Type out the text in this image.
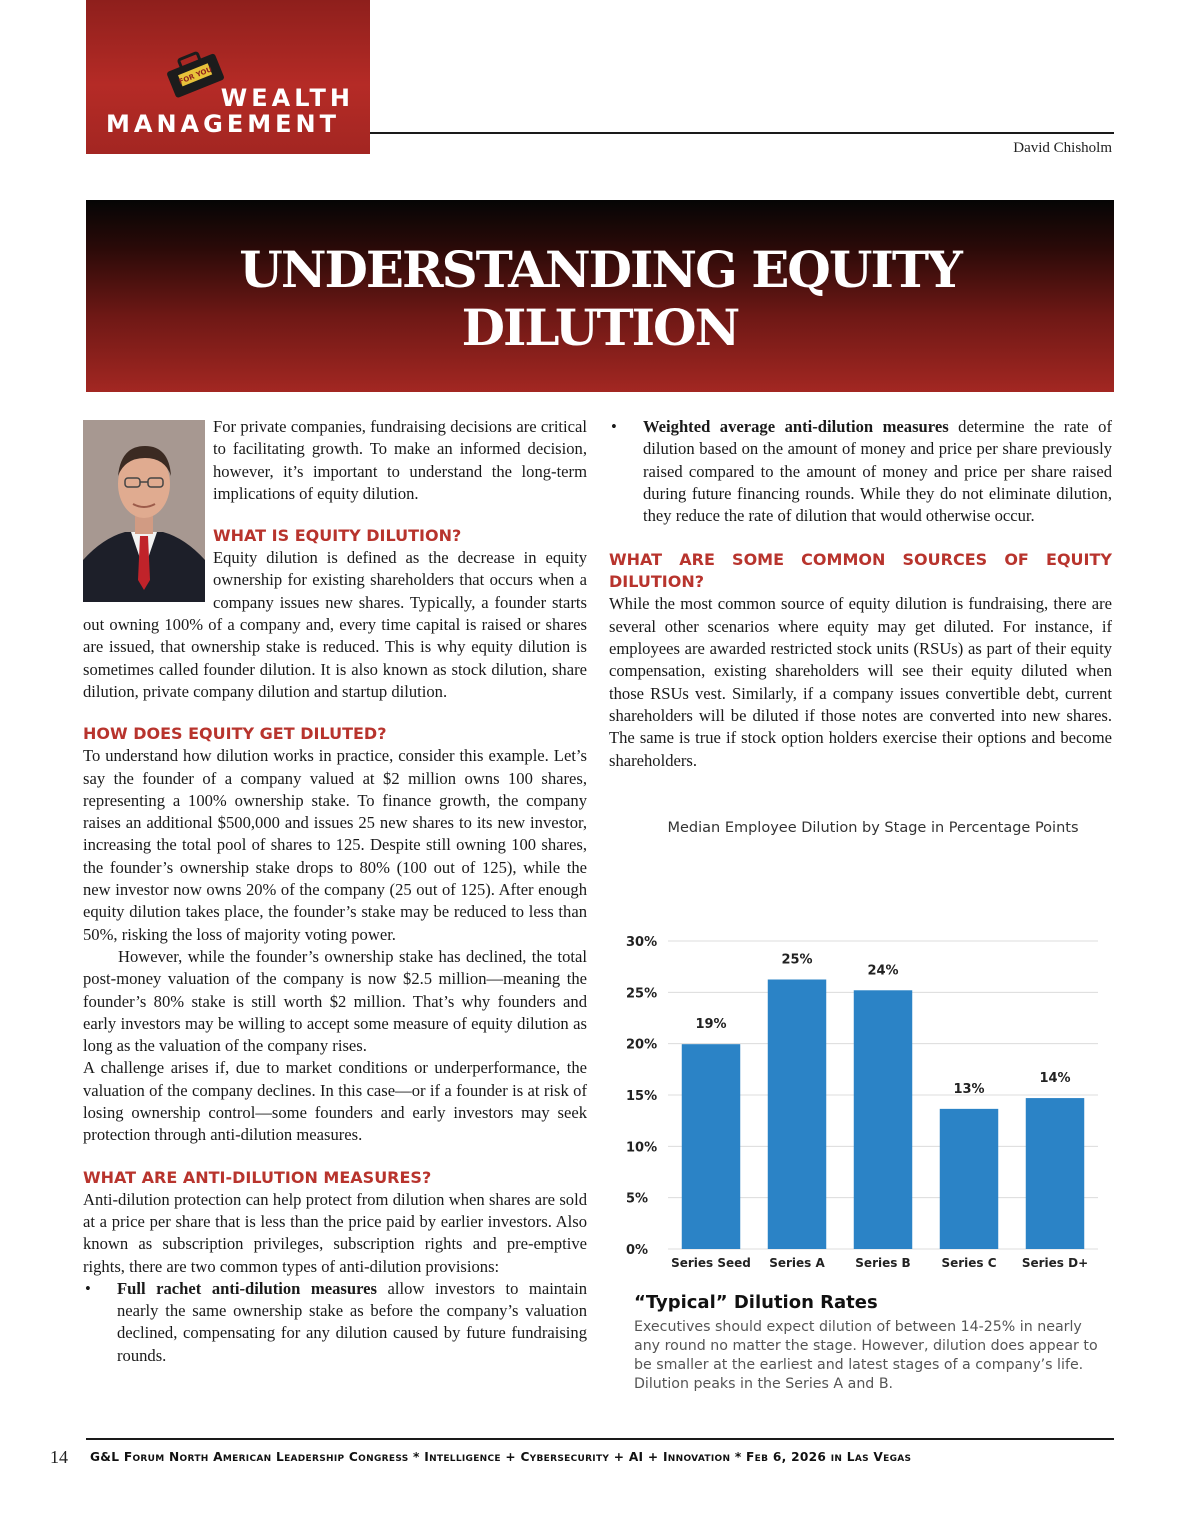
FOR YOU
WEALTH
MANAGEMENT
David Chisholm
UNDERSTANDING EQUITY DILUTION

For private companies, fundraising decisions are critical to facilitating growth. To make an informed decision, however, it’s important to understand the long-term implications of equity dilution.

WHAT IS EQUITY DILUTION?

Equity dilution is defined as the decrease in equity ownership for existing shareholders that occurs when a company issues new shares. Typically, a founder starts out owning 100% of a company and, every time capital is raised or shares are issued, that ownership stake is reduced. This is why equity dilution is sometimes called founder dilution. It is also known as stock dilution, share dilution, private company dilution and startup dilution.

HOW DOES EQUITY GET DILUTED?

To understand how dilution works in practice, consider this example. Let’s say the founder of a company valued at $2 million owns 100 shares, representing a 100% ownership stake. To finance growth, the company raises an additional $500,000 and issues 25 new shares to its new investor, increasing the total pool of shares to 125. Despite still owning 100 shares, the founder’s ownership stake drops to 80% (100 out of 125), while the new investor now owns 20% of the company (25 out of 125). After enough equity dilution takes place, the founder’s stake may be reduced to less than 50%, risking the loss of majority voting power.

However, while the founder’s ownership stake has declined, the total post-money valuation of the company is now $2.5 million—meaning the founder’s 80% stake is still worth $2 million. That’s why founders and early investors may be willing to accept some measure of equity dilution as long as the valuation of the company rises.

A challenge arises if, due to market conditions or underperformance, the valuation of the company declines. In this case—or if a founder is at risk of losing ownership control—some founders and early investors may seek protection through anti-dilution measures.

WHAT ARE ANTI-DILUTION MEASURES?

Anti-dilution protection can help protect from dilution when shares are sold at a price per share that is less than the price paid by earlier investors. Also known as subscription privileges, subscription rights and pre-emptive rights, there are two common types of anti-dilution provisions:

• Full rachet anti-dilution measures allow investors to maintain nearly the same ownership stake as before the company’s valuation declined, compensating for any dilution caused by future fundraising rounds.
• Weighted average anti-dilution measures determine the rate of dilution based on the amount of money and price per share previously raised compared to the amount of money and price per share raised during future financing rounds. While they do not eliminate dilution, they reduce the rate of dilution that would otherwise occur.
WHAT ARE SOME COMMON SOURCES OF EQUITY DILUTION?

While the most common source of equity dilution is fundraising, there are several other scenarios where equity may get diluted. For instance, if employees are awarded restricted stock units (RSUs) as part of their equity compensation, existing shareholders will see their equity diluted when those RSUs vest. Similarly, if a company issues convertible debt, current shareholders will be diluted if those notes are converted into new shares. The same is true if stock option holders exercise their options and become shareholders.

Median Employee Dilution by Stage in Percentage Points
0%
5%
10%
15%
20%
25%
30%
19%
Series Seed
25%
Series A
24%
Series B
13%
Series C
14%
Series D+
“Typical” Dilution Rates
Executives should expect dilution of between 14-25% in nearly any round no matter the stage. However, dilution does appear to be smaller at the earliest and latest stages of a company’s life. Dilution peaks in the Series A and B.
14 G&L Forum North American Leadership Congress * Intelligence + Cybersecurity + AI + Innovation * Feb 6, 2026 in Las Vegas
